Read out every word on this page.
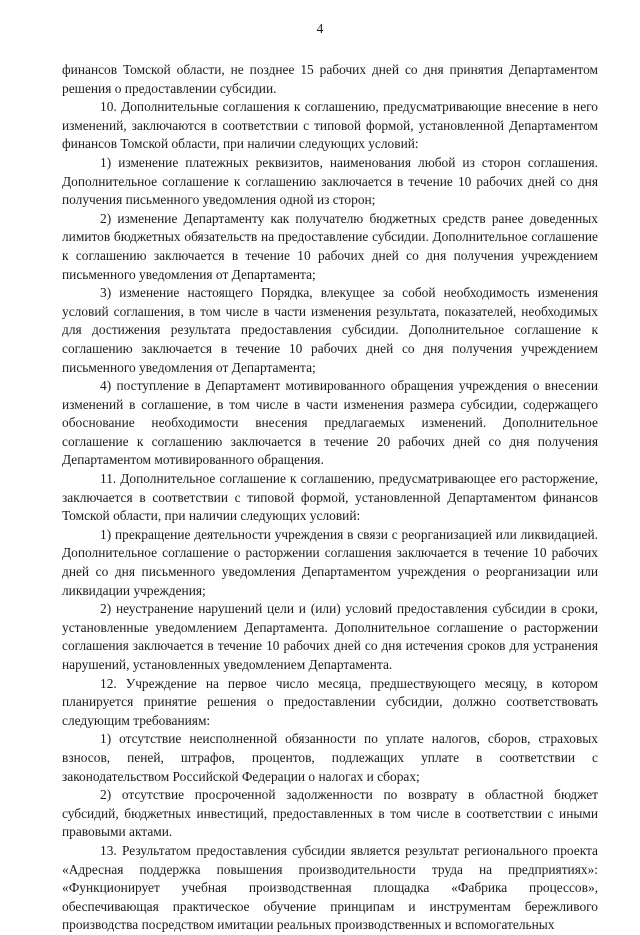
4

финансов Томской области, не позднее 15 рабочих дней со дня принятия Департаментом решения о предоставлении субсидии.

10. Дополнительные соглашения к соглашению, предусматривающие внесение в него изменений, заключаются в соответствии с типовой формой, установленной Департаментом финансов Томской области, при наличии следующих условий:

1) изменение платежных реквизитов, наименования любой из сторон соглашения. Дополнительное соглашение к соглашению заключается в течение 10 рабочих дней со дня получения письменного уведомления одной из сторон;

2) изменение Департаменту как получателю бюджетных средств ранее доведенных лимитов бюджетных обязательств на предоставление субсидии. Дополнительное соглашение к соглашению заключается в течение 10 рабочих дней со дня получения учреждением письменного уведомления от Департамента;

3) изменение настоящего Порядка, влекущее за собой необходимость изменения условий соглашения, в том числе в части изменения результата, показателей, необходимых для достижения результата предоставления субсидии. Дополнительное соглашение к соглашению заключается в течение 10 рабочих дней со дня получения учреждением письменного уведомления от Департамента;

4) поступление в Департамент мотивированного обращения учреждения о внесении изменений в соглашение, в том числе в части изменения размера субсидии, содержащего обоснование необходимости внесения предлагаемых изменений. Дополнительное соглашение к соглашению заключается в течение 20 рабочих дней со дня получения Департаментом мотивированного обращения.

11. Дополнительное соглашение к соглашению, предусматривающее его расторжение, заключается в соответствии с типовой формой, установленной Департаментом финансов Томской области, при наличии следующих условий:

1) прекращение деятельности учреждения в связи с реорганизацией или ликвидацией. Дополнительное соглашение о расторжении соглашения заключается в течение 10 рабочих дней со дня письменного уведомления Департаментом учреждения о реорганизации или ликвидации учреждения;

2) неустранение нарушений цели и (или) условий предоставления субсидии в сроки, установленные уведомлением Департамента. Дополнительное соглашение о расторжении соглашения заключается в течение 10 рабочих дней со дня истечения сроков для устранения нарушений, установленных уведомлением Департамента.

12. Учреждение на первое число месяца, предшествующего месяцу, в котором планируется принятие решения о предоставлении субсидии, должно соответствовать следующим требованиям:

1) отсутствие неисполненной обязанности по уплате налогов, сборов, страховых взносов, пеней, штрафов, процентов, подлежащих уплате в соответствии с законодательством Российской Федерации о налогах и сборах;

2) отсутствие просроченной задолженности по возврату в областной бюджет субсидий, бюджетных инвестиций, предоставленных в том числе в соответствии с иными правовыми актами.

13. Результатом предоставления субсидии является результат регионального проекта «Адресная поддержка повышения производительности труда на предприятиях»: «Функционирует учебная производственная площадка «Фабрика процессов», обеспечивающая практическое обучение принципам и инструментам бережливого производства посредством имитации реальных производственных и вспомогательных
